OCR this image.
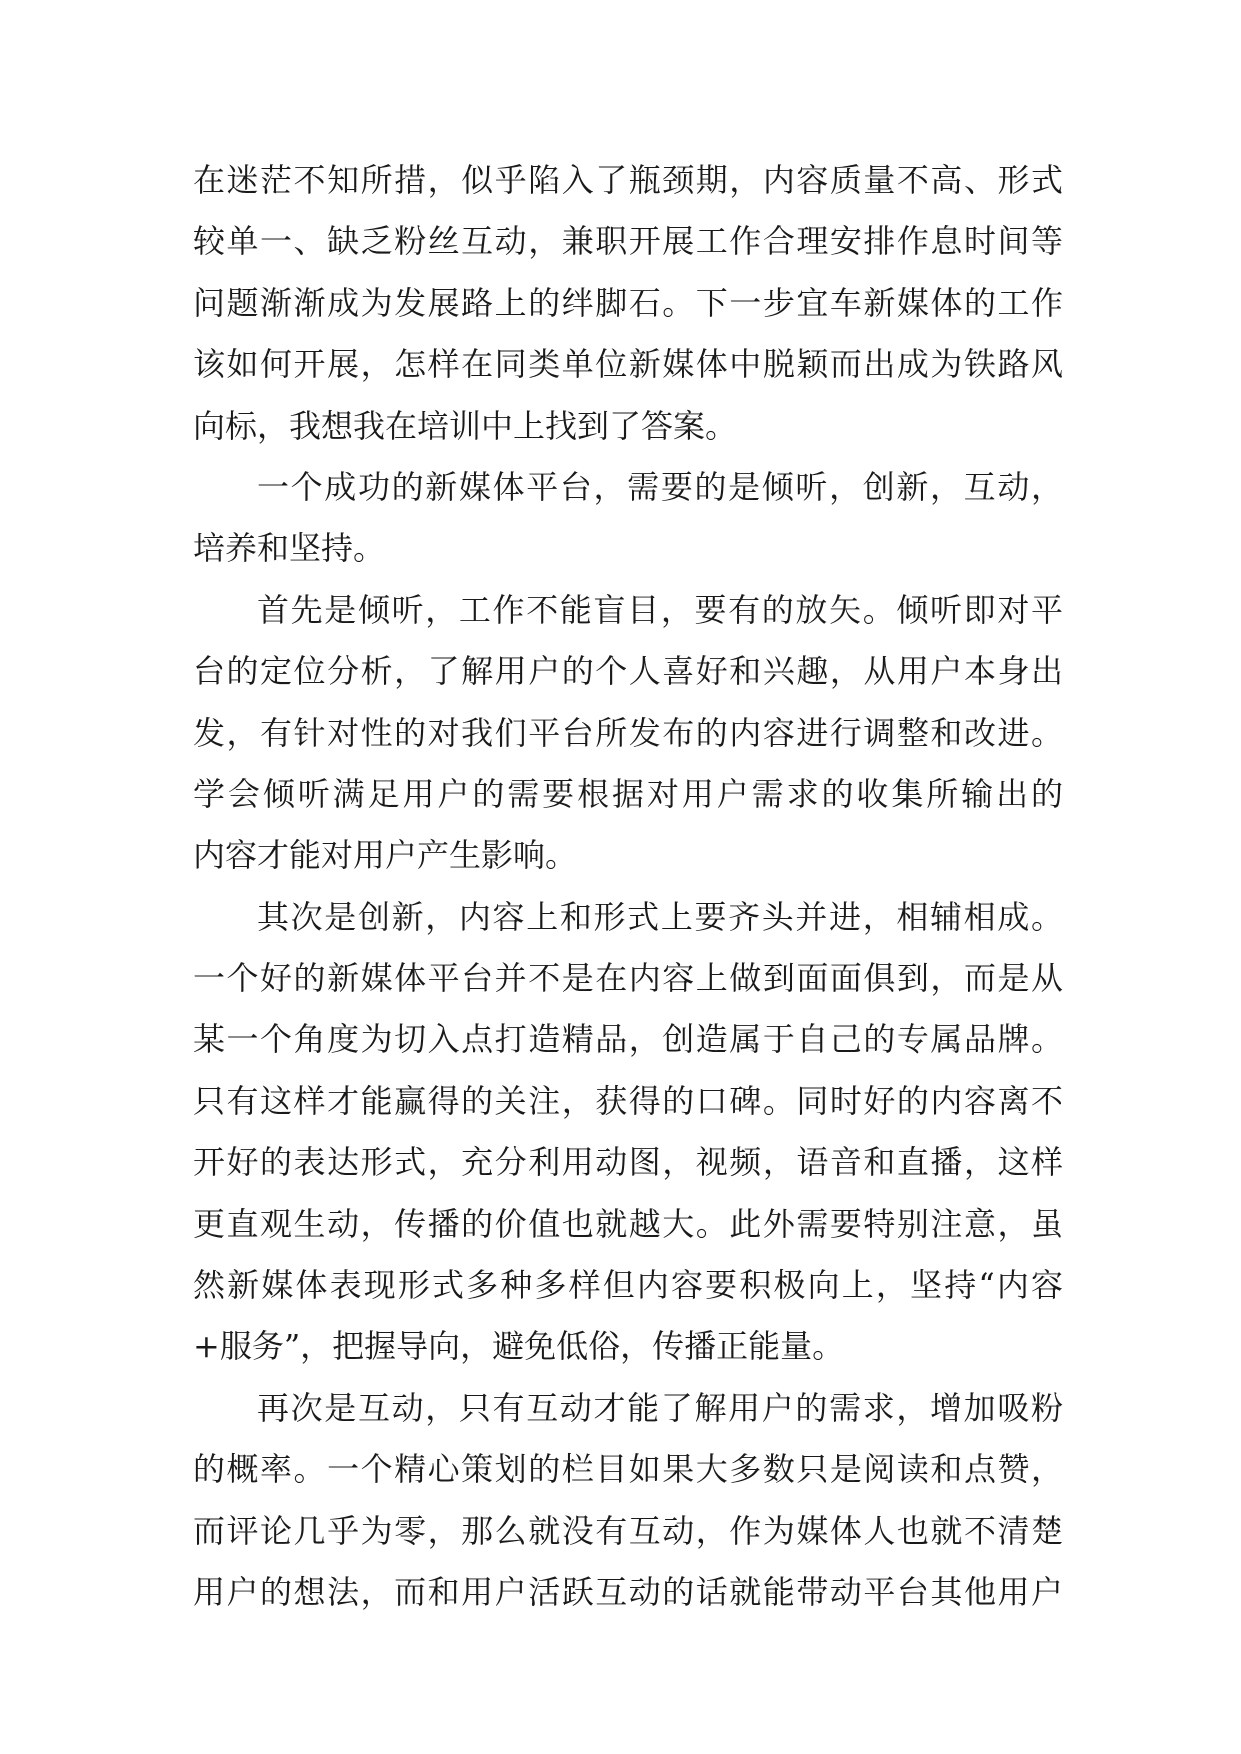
在迷茫不知所措，似乎陷入了瓶颈期，内容质量不高、形式
较单一、缺乏粉丝互动，兼职开展工作合理安排作息时间等
问题渐渐成为发展路上的绊脚石。下一步宜车新媒体的工作
该如何开展，怎样在同类单位新媒体中脱颖而出成为铁路风
向标，我想我在培训中上找到了答案。
一个成功的新媒体平台，需要的是倾听，创新，互动，
培养和坚持。
首先是倾听，工作不能盲目，要有的放矢。倾听即对平
台的定位分析，了解用户的个人喜好和兴趣，从用户本身出
发，有针对性的对我们平台所发布的内容进行调整和改进。
学会倾听满足用户的需要根据对用户需求的收集所输出的
内容才能对用户产生影响。
其次是创新，内容上和形式上要齐头并进，相辅相成。
一个好的新媒体平台并不是在内容上做到面面俱到，而是从
某一个角度为切入点打造精品，创造属于自己的专属品牌。
只有这样才能赢得的关注，获得的口碑。同时好的内容离不
开好的表达形式，充分利用动图，视频，语音和直播，这样
更直观生动，传播的价值也就越大。此外需要特别注意，虽
然新媒体表现形式多种多样但内容要积极向上，坚持“内容
+服务”，把握导向，避免低俗，传播正能量。
再次是互动，只有互动才能了解用户的需求，增加吸粉
的概率。一个精心策划的栏目如果大多数只是阅读和点赞，
而评论几乎为零，那么就没有互动，作为媒体人也就不清楚
用户的想法，而和用户活跃互动的话就能带动平台其他用户
